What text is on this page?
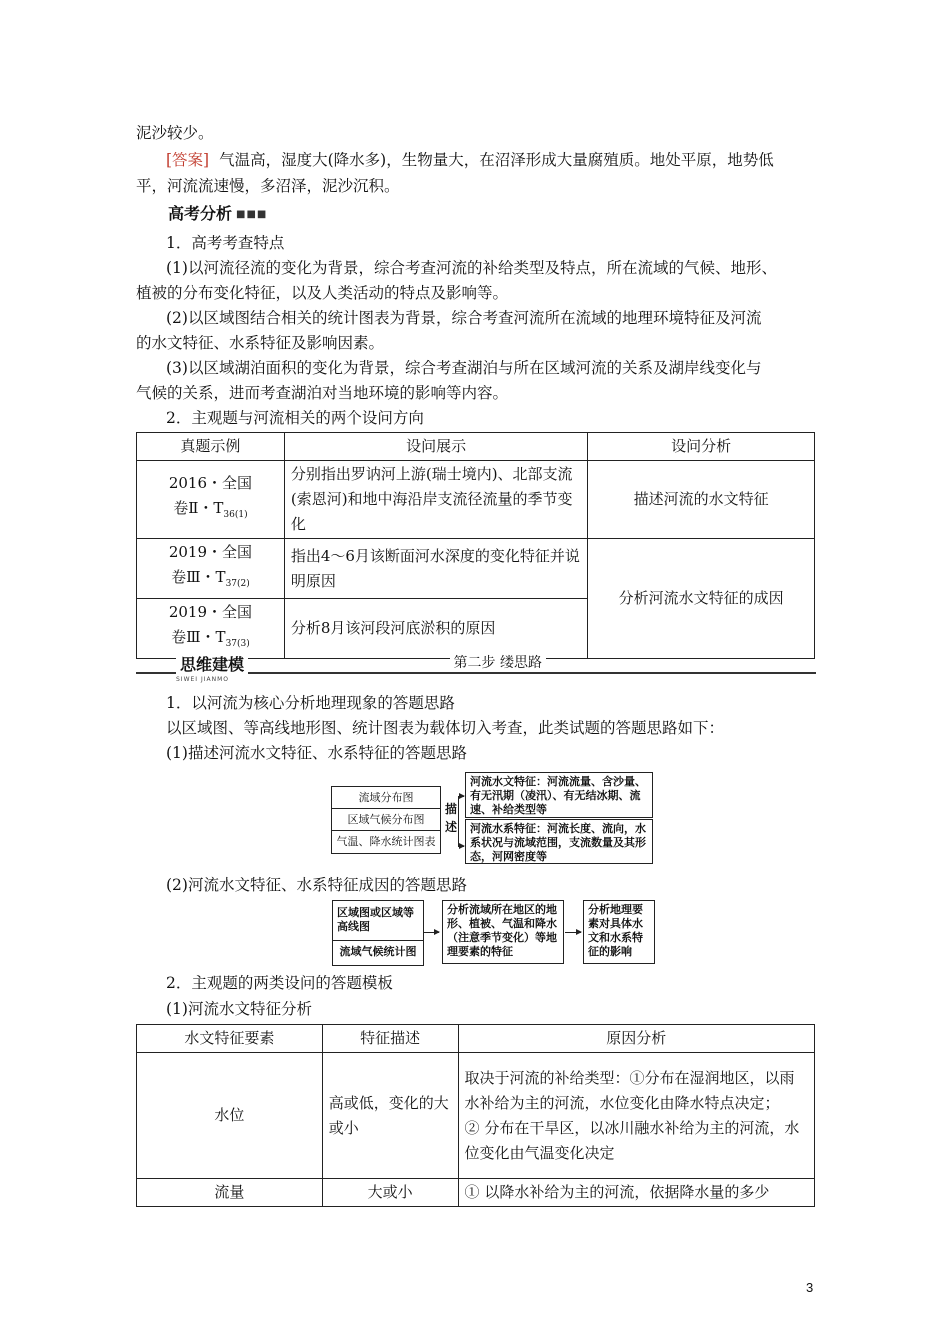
泥沙较少。
[答案] 气温高，湿度大(降水多)，生物量大，在沼泽形成大量腐殖质。地处平原，地势低
平，河流流速慢，多沼泽，泥沙沉积。
高考分析 ■■■
1．高考考查特点
(1)以河流径流的变化为背景，综合考查河流的补给类型及特点，所在流域的气候、地形、
植被的分布变化特征，以及人类活动的特点及影响等。
(2)以区域图结合相关的统计图表为背景，综合考查河流所在流域的地理环境特征及河流
的水文特征、水系特征及影响因素。
(3)以区域湖泊面积的变化为背景，综合考查湖泊与所在区域河流的关系及湖岸线变化与
气候的关系，进而考查湖泊对当地环境的影响等内容。
2．主观题与河流相关的两个设问方向
真题示例	设问展示	设问分析
2016・全国
卷Ⅱ・$T_{36(1)}$	分别指出罗讷河上游(瑞士境内)、北部支流(索恩河)和地中海沿岸支流径流量的季节变化	描述河流的水文特征
2019・全国
卷Ⅲ・$T_{37(2)}$	指出4～6月该断面河水深度的变化特征并说明原因	分析河流水文特征的成因
2019・全国
卷Ⅲ・$T_{37(3)}$	分析8月该河段河底淤积的原因	
思维建模
SIWEI JIANMO
第二步 缕思路
1．以河流为核心分析地理现象的答题思路
以区域图、等高线地形图、统计图表为载体切入考查，此类试题的答题思路如下：
(1)描述河流水文特征、水系特征的答题思路
流域分布图
区域气候分布图
气温、降水统计图表
描述
河流水文特征：河流流量、含沙量、有无汛期（凌汛）、有无结冰期、流速、补给类型等
河流水系特征：河流长度、流向，水系状况与流域范围，支流数量及其形态，河网密度等
(2)河流水文特征、水系特征成因的答题思路
区域图或区域等高线图
流域气候统计图
分析流域所在地区的地形、植被、气温和降水（注意季节变化）等地理要素的特征
分析地理要素对具体水文和水系特征的影响
2．主观题的两类设问的答题模板
(1)河流水文特征分析
水文特征要素	特征描述	原因分析
水位	高或低，变化的大或小	取决于河流的补给类型：①分布在湿润地区，以雨水补给为主的河流，水位变化由降水特点决定；
② 分布在干旱区，以冰川融水补给为主的河流，水位变化由气温变化决定

流量	大或小	① 以降水补给为主的河流，依据降水量的多少
3
